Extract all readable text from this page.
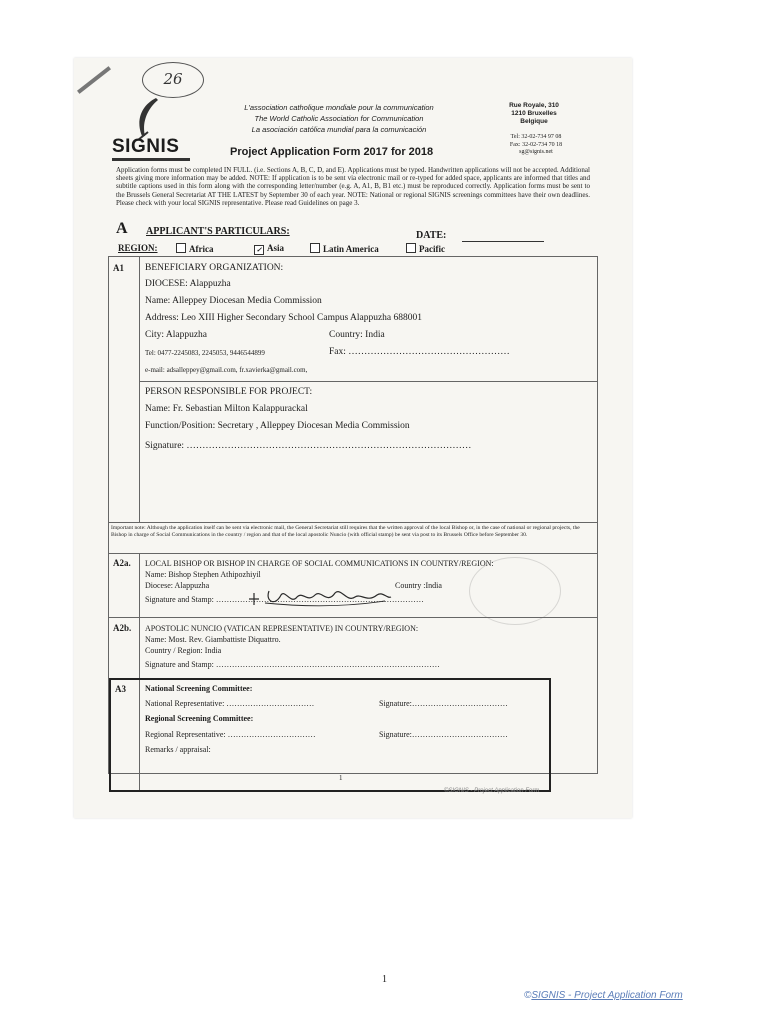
26
SIGNIS
L'association catholique mondiale pour la communication
The World Catholic Association for Communication
La asociación católica mundial para la comunicación
Rue Royale, 310
1210 Bruxelles
Belgique
Tel: 32-02-734 97 08
Fax: 32-02-734 70 18
sg@signis.net
Project Application Form 2017 for 2018
Application forms must be completed IN FULL. (i.e. Sections A, B, C, D, and E). Applications must be typed. Handwritten applications will not be accepted. Additional sheets giving more information may be added. NOTE: If application is to be sent via electronic mail or re-typed for added space, applicants are informed that titles and subtitle captions used in this form along with the corresponding letter/number (e.g. A, A1, B, B1 etc.) must be reproduced correctly. Application forms must be sent to the Brussels General Secretariat AT THE LATEST by September 30 of each year. NOTE: National or regional SIGNIS screenings committees have their own deadlines. Please check with your local SIGNIS representative. Please read Guidelines on page 3.
A APPLICANT'S PARTICULARS:	DATE:
REGION:	Africa	✓ Asia	Latin America	Pacific
A1 BENEFICIARY ORGANIZATION:
DIOCESE: Alappuzha
Name: Alleppey Diocesan Media Commission
Address: Leo XIII Higher Secondary School Campus Alappuzha 688001
City: Alappuzha	Country: India
Tel: 0477-2245083, 2245053, 9446544899	Fax: ……………………………………………
e-mail: adsalleppey@gmail.com, fr.xavierka@gmail.com,
PERSON RESPONSIBLE FOR PROJECT:
Name: Fr. Sebastian Milton Kalappurackal
Function/Position: Secretary , Alleppey Diocesan Media Commission
Signature: ………………………………………………………………………………
Important note: Although the application itself can be sent via electronic mail, the General Secretariat still requires that the written approval of the local Bishop or, in the case of national or regional projects, the Bishop in charge of Social Communications in the country / region and that of the local apostolic Nuncio (with official stamp) be sent via post to its Brussels Office before September 30.
A2a. LOCAL BISHOP OR BISHOP IN CHARGE OF SOCIAL COMMUNICATIONS IN COUNTRY/REGION:
Name: Bishop Stephen Athipozhiyil
Diocese: Alappuzha	Country :India
Signature and Stamp: ……………………………………………………………………
A2b. APOSTOLIC NUNCIO (VATICAN REPRESENTATIVE) IN COUNTRY/REGION:
Name: Most. Rev. Giambattiste Diquattro.
Country / Region: India
Signature and Stamp: …………………………………………………………………………
A3 National Screening Committee:
National Representative: ……………………………	Signature:………………………………
Regional Screening Committee:
Regional Representative: ……………………………	Signature:………………………………
Remarks / appraisal:
1
©SIGNIS - Project Application Form
1
©SIGNIS - Project Application Form
